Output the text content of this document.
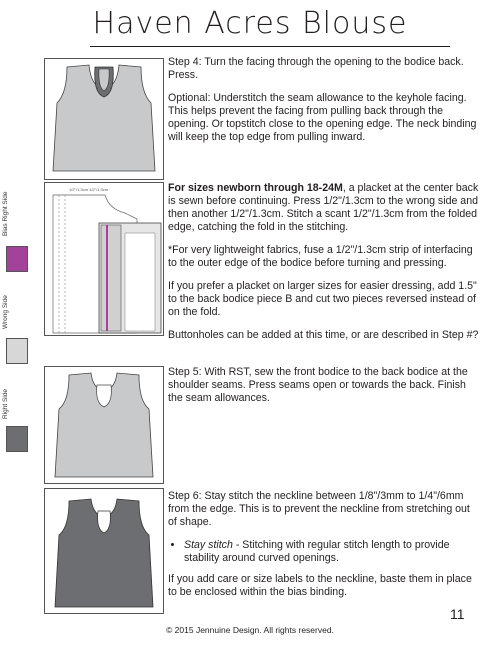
Haven Acres Blouse
Bias Right Side
Wrong Side
Right Side

Step 4: Turn the facing through the opening to the bodice back. Press.

Optional: Understitch the seam allowance to the keyhole facing. This helps prevent the facing from pulling back through the opening. Or topstitch close to the opening edge. The neck binding will keep the top edge from pulling inward.

1/2"/1.3cm 1/2"/1.3cm	For sizes newborn through 18-24M, a placket at the center back is sewn before continuing. Press 1/2"/1.3cm to the wrong side and then another 1/2"/1.3cm. Stitch a scant 1/2"/1.3cm from the folded edge, catching the fold in the stitching.

*For very lightweight fabrics, fuse a 1/2"/1.3cm strip of interfacing to the outer edge of the bodice before turning and pressing.

If you prefer a placket on larger sizes for easier dressing, add 1.5" to the back bodice piece B and cut two pieces reversed instead of on the fold.

Buttonholes can be added at this time, or are described in Step #?

Step 5: With RST, sew the front bodice to the back bodice at the shoulder seams. Press seams open or towards the back. Finish the seam allowances.

Step 6: Stay stitch the neckline between 1/8"/3mm to 1/4"/6mm from the edge. This is to prevent the neckline from stretching out of shape.

• Stay stitch - Stitching with regular stitch length to provide stability around curved openings.

If you add care or size labels to the neckline, baste them in place to be enclosed within the bias binding.

11
© 2015 Jennuine Design. All rights reserved.
